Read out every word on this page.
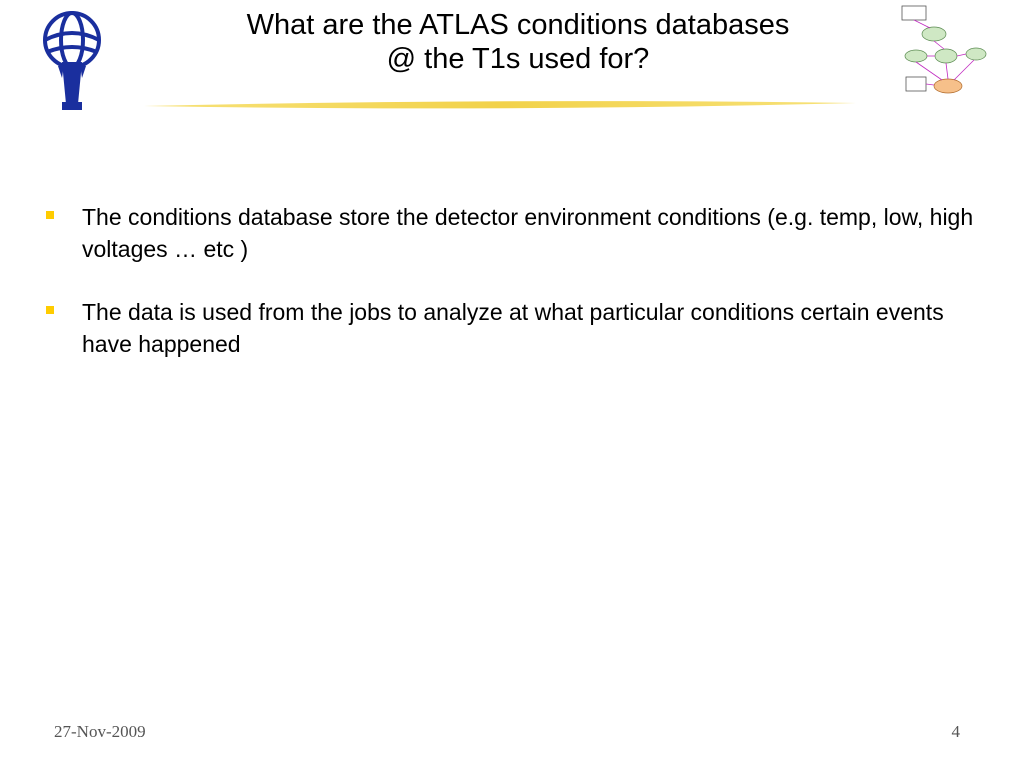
What are the ATLAS conditions databases
@ the T1s used for?
The conditions database store the detector environment conditions (e.g. temp, low, high voltages … etc )
The data is used from the jobs to analyze at what particular conditions certain events have happened
27-Nov-2009	4
